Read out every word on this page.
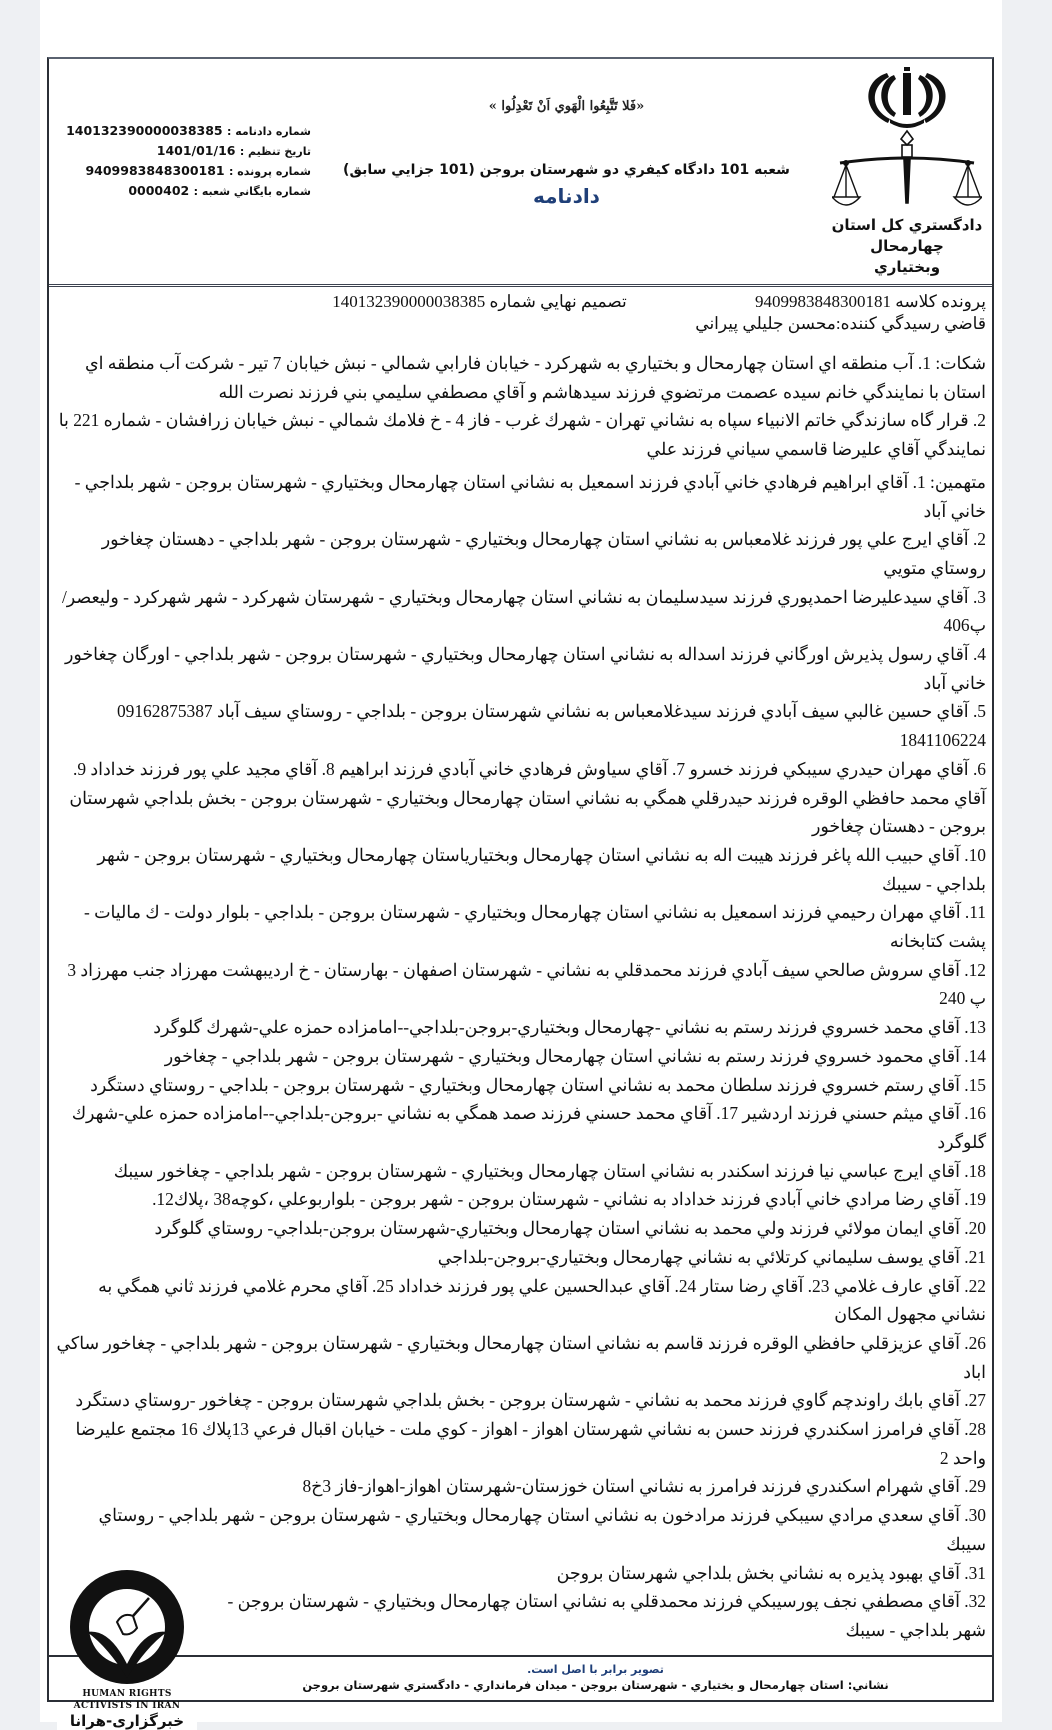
دادگستري كل استان چهارمحال
وبختياري
«فَلا تَتَّبِعُوا الْهَوي اَنْ تَعْدِلُوا »
شعبه 101 دادگاه كيفري دو شهرستان بروجن (101 جزايي سابق)
دادنامه
شماره دادنامه : 140132390000038385
تاريخ تنظيم : 1401/01/16
شماره پرونده : 9409983848300181
شماره بايگاني شعبه : 0000402
پرونده كلاسه 9409983848300181 تصميم نهايي شماره 140132390000038385
قاضي رسيدگي كننده:محسن جليلي پيراني

شكات: 1. آب منطقه اي استان چهارمحال و بختياري به شهركرد - خيابان فارابي شمالي - نبش خيابان 7 تير - شركت آب منطقه اي استان با نمايندگي خانم سيده عصمت مرتضوي فرزند سيدهاشم و آقاي مصطفي سليمي بني فرزند نصرت الله

2. قرار گاه سازندگي خاتم الانبياء سپاه به نشاني تهران - شهرك غرب - فاز 4 - خ فلامك شمالي - نبش خيابان زرافشان - شماره 221 با نمايندگي آقاي عليرضا قاسمي سياني فرزند علي

متهمين: 1. آقاي ابراهيم فرهادي خاني آبادي فرزند اسمعيل به نشاني استان چهارمحال وبختياري - شهرستان بروجن - شهر بلداجي - خاني آباد

2. آقاي ايرج علي پور فرزند غلامعباس به نشاني استان چهارمحال وبختياري - شهرستان بروجن - شهر بلداجي - دهستان چغاخور روستاي متويي

3. آقاي سيدعليرضا احمدپوري فرزند سيدسليمان به نشاني استان چهارمحال وبختياري - شهرستان شهركرد - شهر شهركرد - وليعصر/پ406

4. آقاي رسول پذيرش اورگاني فرزند اسداله به نشاني استان چهارمحال وبختياري - شهرستان بروجن - شهر بلداجي - اورگان چغاخور خاني آباد

5. آقاي حسين غالبي سيف آبادي فرزند سيدغلامعباس به نشاني شهرستان بروجن - بلداجي - روستاي سيف آباد 09162875387 1841106224

6. آقاي مهران حيدري سيبكي فرزند خسرو 7. آقاي سياوش فرهادي خاني آبادي فرزند ابراهيم 8. آقاي مجيد علي پور فرزند خداداد 9. آقاي محمد حافظي الوقره فرزند حيدرقلي همگي به نشاني استان چهارمحال وبختياري - شهرستان بروجن - بخش بلداجي شهرستان بروجن - دهستان چغاخور

10. آقاي حبيب الله پاغر فرزند هيبت اله به نشاني استان چهارمحال وبختيارياستان چهارمحال وبختياري - شهرستان بروجن - شهر بلداجي - سيبك

11. آقاي مهران رحيمي فرزند اسمعيل به نشاني استان چهارمحال وبختياري - شهرستان بروجن - بلداجي - بلوار دولت - ك ماليات - پشت كتابخانه

12. آقاي سروش صالحي سيف آبادي فرزند محمدقلي به نشاني - شهرستان اصفهان - بهارستان - خ ارديبهشت مهرزاد جنب مهرزاد 3 پ 240

13. آقاي محمد خسروي فرزند رستم به نشاني -چهارمحال وبختياري-بروجن-بلداجي--امامزاده حمزه علي-شهرك گلوگرد

14. آقاي محمود خسروي فرزند رستم به نشاني استان چهارمحال وبختياري - شهرستان بروجن - شهر بلداجي - چغاخور

15. آقاي رستم خسروي فرزند سلطان محمد به نشاني استان چهارمحال وبختياري - شهرستان بروجن - بلداجي - روستاي دستگرد

16. آقاي ميثم حسني فرزند اردشير 17. آقاي محمد حسني فرزند صمد همگي به نشاني -بروجن-بلداجي--امامزاده حمزه علي-شهرك گلوگرد

18. آقاي ايرج عباسي نيا فرزند اسكندر به نشاني استان چهارمحال وبختياري - شهرستان بروجن - شهر بلداجي - چغاخور سيبك

19. آقاي رضا مرادي خاني آبادي فرزند خداداد به نشاني - شهرستان بروجن - شهر بروجن - بلواربوعلي ،كوچه38 ،پلاك12.

20. آقاي ايمان مولائي فرزند ولي محمد به نشاني استان چهارمحال وبختياري-شهرستان بروجن-بلداجي- روستاي گلوگرد

21. آقاي يوسف سليماني كرتلائي به نشاني چهارمحال وبختياري-بروجن-بلداجي

22. آقاي عارف غلامي 23. آقاي رضا ستار 24. آقاي عبدالحسين علي پور فرزند خداداد 25. آقاي محرم غلامي فرزند ثاني همگي به نشاني مجهول المكان

26. آقاي عزيزقلي حافظي الوقره فرزند قاسم به نشاني استان چهارمحال وبختياري - شهرستان بروجن - شهر بلداجي - چغاخور ساكي اباد

27. آقاي بابك راوندچم گاوي فرزند محمد به نشاني - شهرستان بروجن - بخش بلداجي شهرستان بروجن - چغاخور -روستاي دستگرد

28. آقاي فرامرز اسكندري فرزند حسن به نشاني شهرستان اهواز - اهواز - كوي ملت - خيابان اقبال فرعي 13پلاك 16 مجتمع عليرضا واحد 2

29. آقاي شهرام اسكندري فرزند فرامرز به نشاني استان خوزستان-شهرستان اهواز-اهواز-فاز 3خ8

30. آقاي سعدي مرادي سيبكي فرزند مرادخون به نشاني استان چهارمحال وبختياري - شهرستان بروجن - شهر بلداجي - روستاي سيبك

31. آقاي بهبود پذيره به نشاني بخش بلداجي شهرستان بروجن

32. آقاي مصطفي نجف پورسيبكي فرزند محمدقلي به نشاني استان چهارمحال وبختياري - شهرستان بروجن - شهر بلداجي - سيبك

تصوير برابر با اصل است.
نشاني: استان چهارمحال و بختياري - شهرستان بروجن - ميدان فرمانداري - دادگستري شهرستان بروجن
HUMAN RIGHTS ACTIVISTS IN IRAN
خبرگزاری-هرانا
